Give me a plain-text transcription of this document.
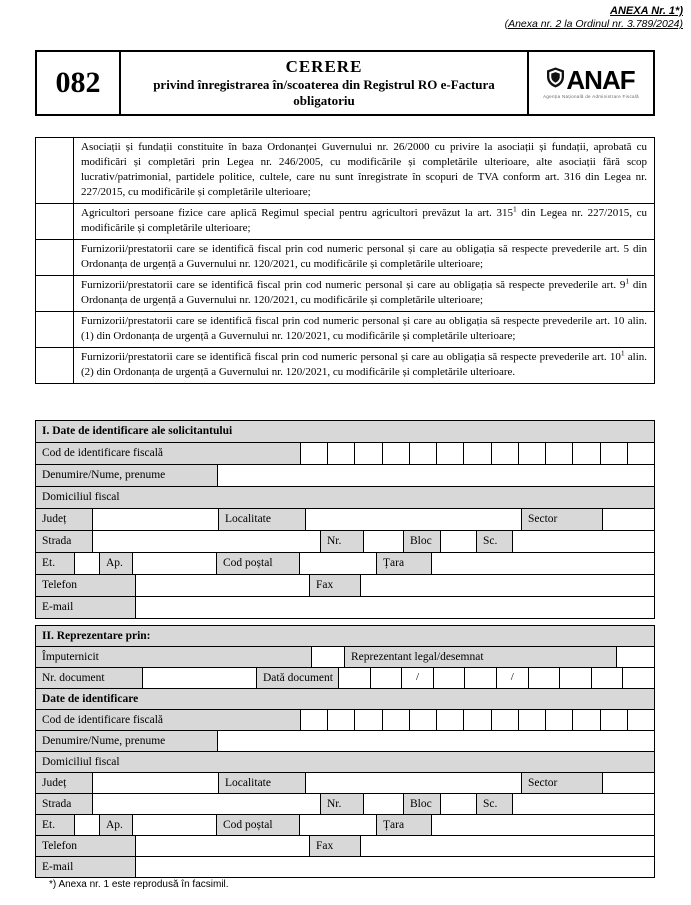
ANEXA Nr. 1*)
(Anexa nr. 2 la Ordinul nr. 3.789/2024)
082	CERERE
privind înregistrarea în/scoaterea din Registrul RO e-Factura obligatoriu
ANAF
Agenția Națională de Administrare Fiscală
Asociații și fundații constituite în baza Ordonanței Guvernului nr. 26/2000 cu privire la asociații și fundații, aprobată cu modificări și completări prin Legea nr. 246/2005, cu modificările și completările ulterioare, alte asociații fără scop lucrativ/patrimonial, partidele politice, cultele, care nu sunt înregistrate în scopuri de TVA conform art. 316 din Legea nr. 227/2015, cu modificările și completările ulterioare;
Agricultori persoane fizice care aplică Regimul special pentru agricultori prevăzut la art. $315^1$ din Legea nr. 227/2015, cu modificările și completările ulterioare;
Furnizorii/prestatorii care se identifică fiscal prin cod numeric personal și care au obligația să respecte prevederile art. 5 din Ordonanța de urgență a Guvernului nr. 120/2021, cu modificările și completările ulterioare;
Furnizorii/prestatorii care se identifică fiscal prin cod numeric personal și care au obligația să respecte prevederile art. $9^1$ din Ordonanța de urgență a Guvernului nr. 120/2021, cu modificările și completările ulterioare;
Furnizorii/prestatorii care se identifică fiscal prin cod numeric personal și care au obligația să respecte prevederile art. 10 alin. (1) din Ordonanța de urgență a Guvernului nr. 120/2021, cu modificările și completările ulterioare;
Furnizorii/prestatorii care se identifică fiscal prin cod numeric personal și care au obligația să respecte prevederile art. $10^1$ alin. (2) din Ordonanța de urgență a Guvernului nr. 120/2021, cu modificările și completările ulterioare.
I. Date de identificare ale solicitantului
Cod de identificare fiscală
Denumire/Nume, prenume
Domiciliul fiscal
Județ	Localitate	Sector
Strada	Nr.	Bloc	Sc.
Et.	Ap.	Cod poștal	Țara
Telefon	Fax
E-mail
II. Reprezentare prin:
Împuternicit	Reprezentant legal/desemnat
Nr. document	Dată document	/	/
Date de identificare
Cod de identificare fiscală
Denumire/Nume, prenume
Domiciliul fiscal
Județ	Localitate	Sector
Strada	Nr.	Bloc	Sc.
Et.	Ap.	Cod poștal	Țara
Telefon	Fax
E-mail
*) Anexa nr. 1 este reprodusă în facsimil.
